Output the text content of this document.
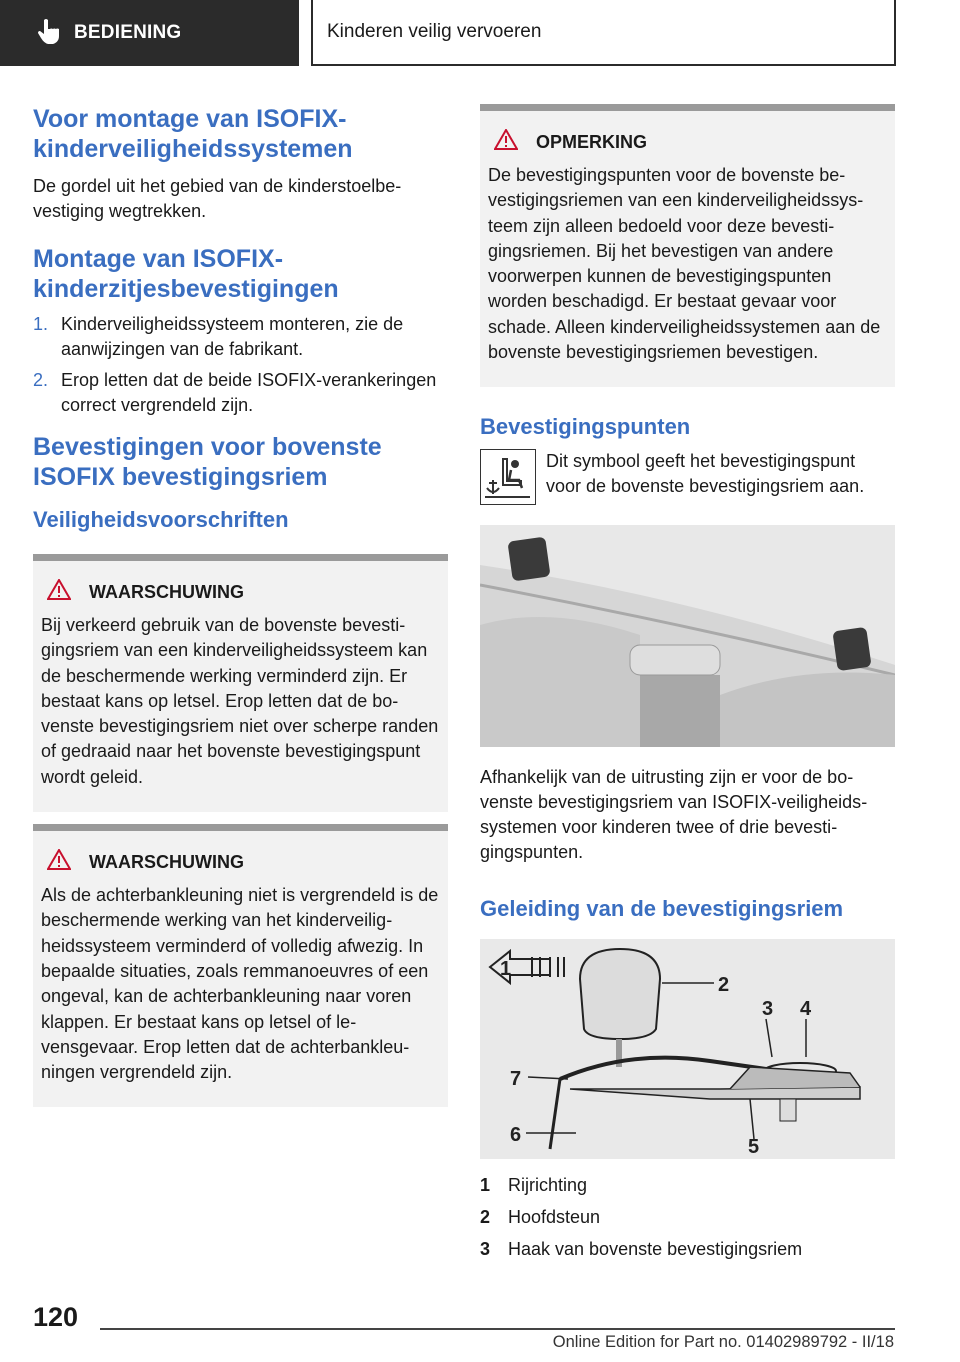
BEDIENING	Kinderen veilig vervoeren
Voor montage van ISOFIX-kinderveiligheidssystemen

De gordel uit het gebied van de kinderstoelbevestiging wegtrekken.

Montage van ISOFIX-kinderzitjesbevestigingen
1. Kinderveiligheidssysteem monteren, zie de aanwijzingen van de fabrikant.
2. Erop letten dat de beide ISOFIX-verankeringen correct vergrendeld zijn.
Bevestigingen voor bovenste ISOFIX bevestigingsriem
Veiligheidsvoorschriften
WAARSCHUWING

Bij verkeerd gebruik van de bovenste bevestigingsriem van een kinderveiligheidssysteem kan de beschermende werking verminderd zijn. Er bestaat kans op letsel. Erop letten dat de bovenste bevestigingsriem niet over scherpe randen of gedraaid naar het bovenste bevestigingspunt wordt geleid.

WAARSCHUWING

Als de achterbankleuning niet is vergrendeld is de beschermende werking van het kinderveiligheidssysteem verminderd of volledig afwezig. In bepaalde situaties, zoals remmanoeuvres of een ongeval, kan de achterbankleuning naar voren klappen. Er bestaat kans op letsel of levensgevaar. Erop letten dat de achterbankleuningen vergrendeld zijn.

OPMERKING

De bevestigingspunten voor de bovenste bevestigingsriemen van een kinderveiligheidssysteem zijn alleen bedoeld voor deze bevestigingsriemen. Bij het bevestigen van andere voorwerpen kunnen de bevestigingspunten worden beschadigd. Er bestaat gevaar voor schade. Alleen kinderveiligheidssystemen aan de bovenste bevestigingsriemen bevestigen.

Bevestigingspunten

Dit symbool geeft het bevestigingspunt voor de bovenste bevestigingsriem aan.

Afhankelijk van de uitrusting zijn er voor de bovenste bevestigingsriem van ISOFIX-veiligheidssystemen voor kinderen twee of drie bevestigingspunten.

Geleiding van de bevestigingsriem
1
2
3 4
5
6
7
1 Rijrichting
2 Hoofdsteun
3 Haak van bovenste bevestigingsriem
120
Online Edition for Part no. 01402989792 - II/18
